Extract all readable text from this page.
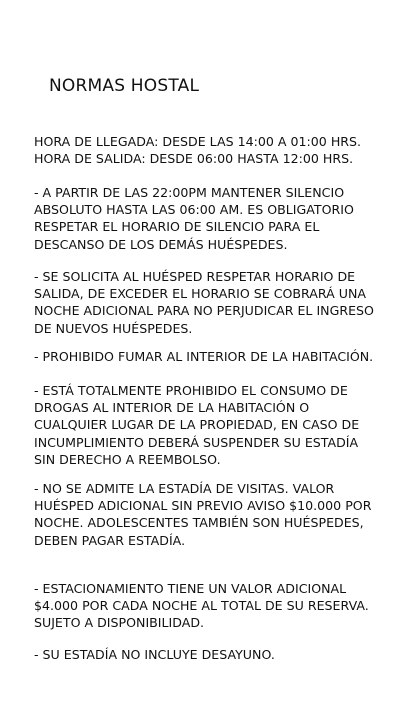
NORMAS HOSTAL
HORA DE LLEGADA: DESDE LAS 14:00 A 01:00 HRS.
HORA DE SALIDA: DESDE 06:00 HASTA 12:00 HRS.
- A PARTIR DE LAS 22:00PM MANTENER SILENCIO
ABSOLUTO HASTA LAS 06:00 AM. ES OBLIGATORIO
RESPETAR EL HORARIO DE SILENCIO PARA EL
DESCANSO DE LOS DEMÁS HUÉSPEDES.
- SE SOLICITA AL HUÉSPED RESPETAR HORARIO DE
SALIDA, DE EXCEDER EL HORARIO SE COBRARÁ UNA
NOCHE ADICIONAL PARA NO PERJUDICAR EL INGRESO
DE NUEVOS HUÉSPEDES.
- PROHIBIDO FUMAR AL INTERIOR DE LA HABITACIÓN.
- ESTÁ TOTALMENTE PROHIBIDO EL CONSUMO DE
DROGAS AL INTERIOR DE LA HABITACIÓN O
CUALQUIER LUGAR DE LA PROPIEDAD, EN CASO DE
INCUMPLIMIENTO DEBERÁ SUSPENDER SU ESTADÍA
SIN DERECHO A REEMBOLSO.
- NO SE ADMITE LA ESTADÍA DE VISITAS. VALOR
HUÉSPED ADICIONAL SIN PREVIO AVISO $10.000 POR
NOCHE. ADOLESCENTES TAMBIÉN SON HUÉSPEDES,
DEBEN PAGAR ESTADÍA.
- ESTACIONAMIENTO TIENE UN VALOR ADICIONAL
$4.000 POR CADA NOCHE AL TOTAL DE SU RESERVA.
SUJETO A DISPONIBILIDAD.
- SU ESTADÍA NO INCLUYE DESAYUNO.
